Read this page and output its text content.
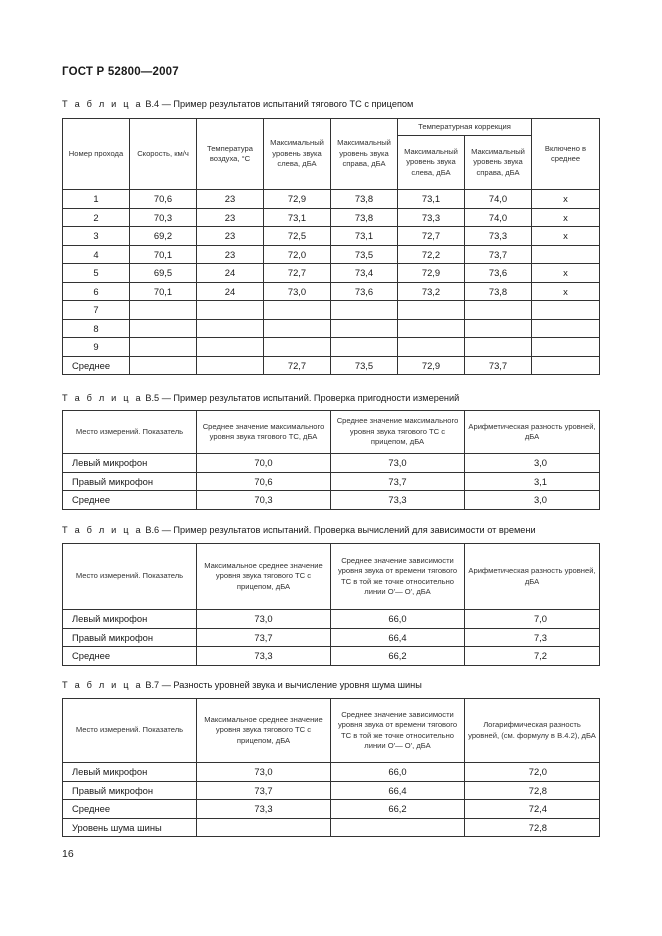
ГОСТ Р 52800—2007
Т а б л и ц а В.4 — Пример результатов испытаний тягового ТС с прицепом
Номер прохода	Скорость, км/ч	Температура воздуха, °С	Максимальный уровень звука слева, дБА	Максимальный уровень звука справа, дБА	Температурная коррекция		Включено в среднее
					Максимальный уровень звука слева, дБА	Максимальный уровень звука справа, дБА	
1	70,6	23	72,9	73,8	73,1	74,0	x
2	70,3	23	73,1	73,8	73,3	74,0	x
3	69,2	23	72,5	73,1	72,7	73,3	x
4	70,1	23	72,0	73,5	72,2	73,7	
5	69,5	24	72,7	73,4	72,9	73,6	x
6	70,1	24	73,0	73,6	73,2	73,8	x
7							
8							
9							
Среднее			72,7	73,5	72,9	73,7	
Т а б л и ц а В.5 — Пример результатов испытаний. Проверка пригодности измерений
Место измерений. Показатель	Среднее значение максимального уровня звука тягового ТС, дБА	Среднее значение максимального уровня звука тягового ТС с прицепом, дБА	Арифметическая разность уровней, дБА
Левый микрофон	70,0	73,0	3,0
Правый микрофон	70,6	73,7	3,1
Среднее	70,3	73,3	3,0
Т а б л и ц а В.6 — Пример результатов испытаний. Проверка вычислений для зависимости от времени
Место измерений. Показатель	Максимальное среднее значение уровня звука тягового ТС с прицепом, дБА	Среднее значение зависимости уровня звука от времени тягового ТС в той же точке относительно линии О'— О', дБА	Арифметическая разность уровней, дБА
Левый микрофон	73,0	66,0	7,0
Правый микрофон	73,7	66,4	7,3
Среднее	73,3	66,2	7,2
Т а б л и ц а В.7 — Разность уровней звука и вычисление уровня шума шины
Место измерений. Показатель	Максимальное среднее значение уровня звука тягового ТС с прицепом, дБА	Среднее значение зависимости уровня звука от времени тягового ТС в той же точке относительно линии О'— О', дБА	Логарифмическая разность уровней, (см. формулу в В.4.2), дБА
Левый микрофон	73,0	66,0	72,0
Правый микрофон	73,7	66,4	72,8
Среднее	73,3	66,2	72,4
Уровень шума шины			72,8
16
